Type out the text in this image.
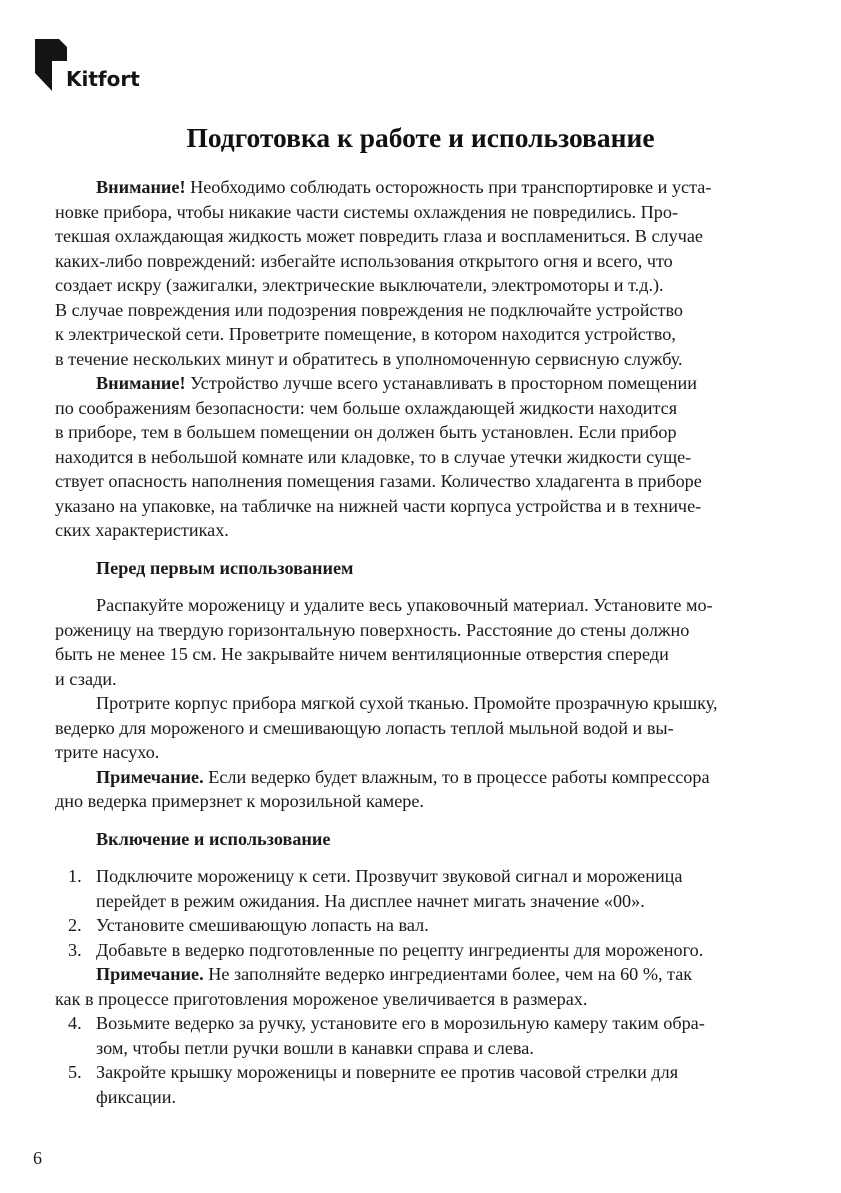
Kitfort
Подготовка к работе и использование
Внимание! Необходимо соблюдать осторожность при транспортировке и уста-
новке прибора, чтобы никакие части системы охлаждения не повредились. Про-
текшая охлаждающая жидкость может повредить глаза и воспламениться. В случае
каких-либо повреждений: избегайте использования открытого огня и всего, что
создает искру (зажигалки, электрические выключатели, электромоторы и т.д.).
В случае повреждения или подозрения повреждения не подключайте устройство
к электрической сети. Проветрите помещение, в котором находится устройство,
в течение нескольких минут и обратитесь в уполномоченную сервисную службу.
Внимание! Устройство лучше всего устанавливать в просторном помещении
по соображениям безопасности: чем больше охлаждающей жидкости находится
в приборе, тем в большем помещении он должен быть установлен. Если прибор
находится в небольшой комнате или кладовке, то в случае утечки жидкости суще-
ствует опасность наполнения помещения газами. Количество хладагента в приборе
указано на упаковке, на табличке на нижней части корпуса устройства и в техниче-
ских характеристиках.
Перед первым использованием
Распакуйте мороженицу и удалите весь упаковочный материал. Установите мо-
роженицу на твердую горизонтальную поверхность. Расстояние до стены должно
быть не менее 15 см. Не закрывайте ничем вентиляционные отверстия спереди
и сзади.
Протрите корпус прибора мягкой сухой тканью. Промойте прозрачную крышку,
ведерко для мороженого и смешивающую лопасть теплой мыльной водой и вы-
трите насухо.
Примечание. Если ведерко будет влажным, то в процессе работы компрессора
дно ведерка примерзнет к морозильной камере.
Включение и использование
1. Подключите мороженицу к сети. Прозвучит звуковой сигнал и мороженица
перейдет в режим ожидания. На дисплее начнет мигать значение «00».
2. Установите смешивающую лопасть на вал.
3. Добавьте в ведерко подготовленные по рецепту ингредиенты для мороженого.
Примечание. Не заполняйте ведерко ингредиентами более, чем на 60 %, так
как в процессе приготовления мороженое увеличивается в размерах.
4. Возьмите ведерко за ручку, установите его в морозильную камеру таким обра-
зом, чтобы петли ручки вошли в канавки справа и слева.
5. Закройте крышку мороженицы и поверните ее против часовой стрелки для
фиксации.
6
